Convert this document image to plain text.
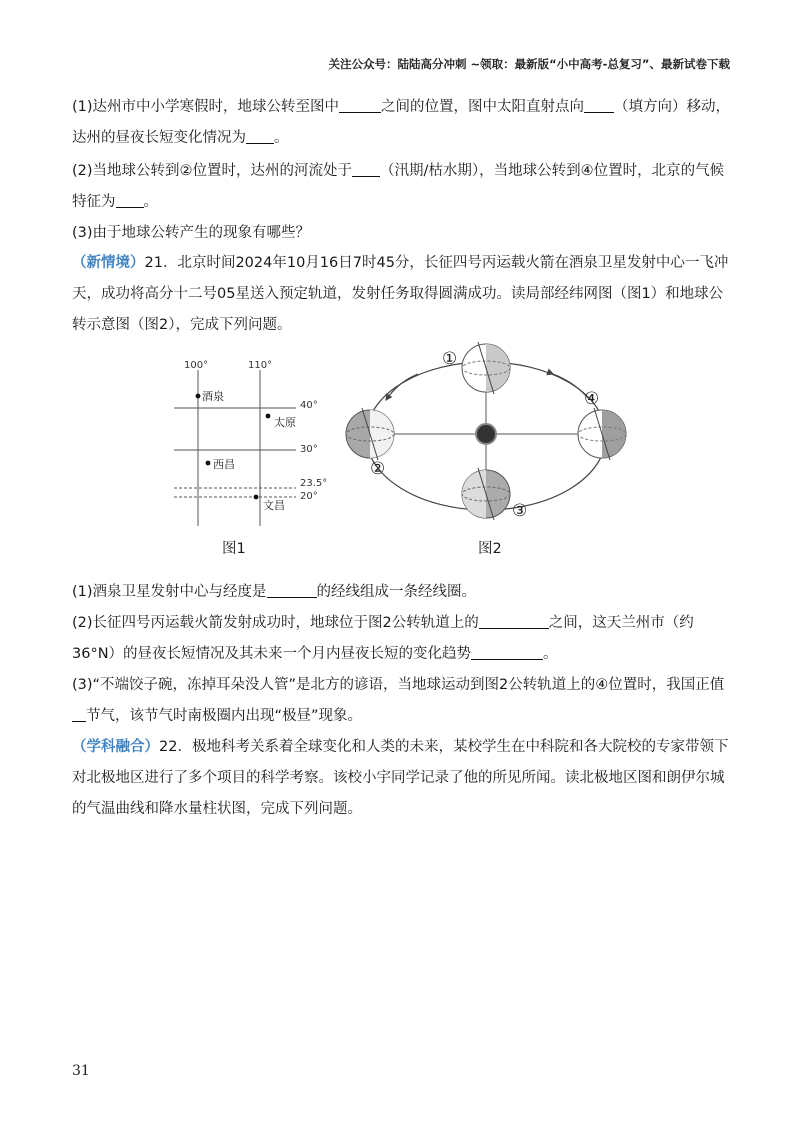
关注公众号：陆陆高分冲刺 ~领取：最新版“小中高考-总复习”、最新试卷下载
(1)达州市中小学寒假时，地球公转至图中	之间的位置，图中太阳直射点向 （填方向）移动，达州的昼夜长短变化情况为 。
(2)当地球公转到②位置时，达州的河流处于 （汛期/枯水期），当地球公转到④位置时，北京的气候特征为 。
(3)由于地球公转产生的现象有哪些？
（新情境）21．北京时间2024年10月16日7时45分，长征四号丙运载火箭在酒泉卫星发射中心一飞冲天，成功将高分十二号05星送入预定轨道，发射任务取得圆满成功。读局部经纬网图（图1）和地球公转示意图（图2），完成下列问题。
100°	110°
40°
30°
23.5°
20°
酒泉
太原
西昌
文昌
图1
①
②
③
④
图2
(1)酒泉卫星发射中心与经度是	的经线组成一条经线圈。
(2)长征四号丙运载火箭发射成功时，地球位于图2公转轨道上的	之间，这天兰州市（约36°N）的昼夜长短情况及其未来一个月内昼夜长短的变化趋势	。
(3)“不端饺子碗，冻掉耳朵没人管”是北方的谚语，当地球运动到图2公转轨道上的④位置时，我国正值节气，该节气时南极圈内出现“极昼”现象。
（学科融合）22．极地科考关系着全球变化和人类的未来，某校学生在中科院和各大院校的专家带领下对北极地区进行了多个项目的科学考察。该校小宇同学记录了他的所见所闻。读北极地区图和朗伊尔城的气温曲线和降水量柱状图，完成下列问题。
31
